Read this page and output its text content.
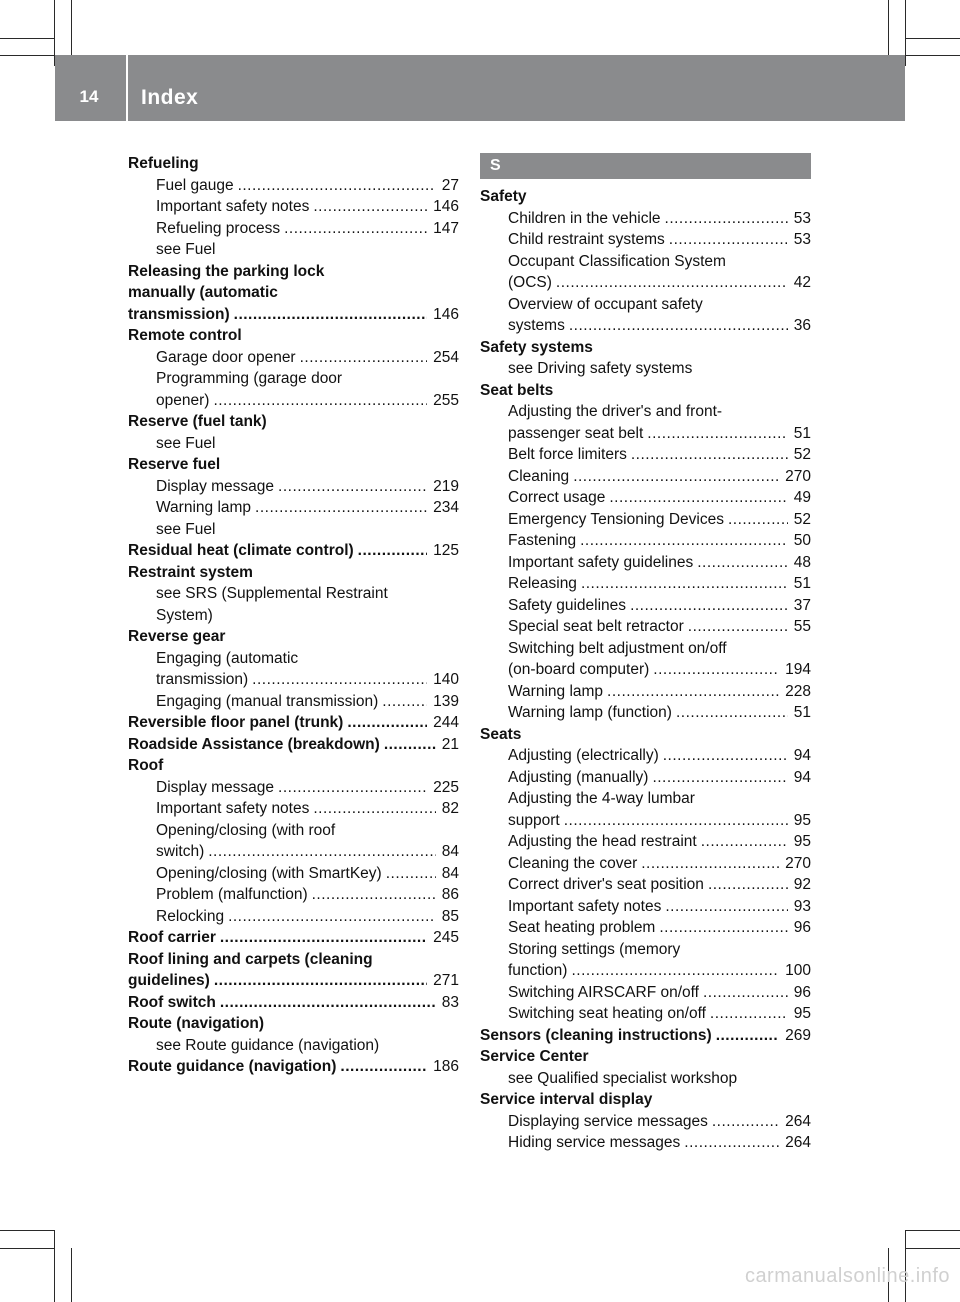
14	Index
Refueling
Fuel gauge .....	27
Important safety notes .....	146
Refueling process .....	147
see Fuel
Releasing the parking lock
manually (automatic
transmission) .....	146
Remote control
Garage door opener .....	254
Programming (garage door
opener) .....	255
Reserve (fuel tank)
see Fuel
Reserve fuel
Display message .....	219
Warning lamp .....	234
see Fuel
Residual heat (climate control) .....	125
Restraint system
see SRS (Supplemental Restraint
System)
Reverse gear
Engaging (automatic
transmission) .....	140
Engaging (manual transmission) .....	139
Reversible floor panel (trunk) .....	244
Roadside Assistance (breakdown) .....	21
Roof
Display message .....	225
Important safety notes .....	82
Opening/closing (with roof
switch) .....	84
Opening/closing (with SmartKey) .....	84
Problem (malfunction) .....	86
Relocking .....	85
Roof carrier .....	245
Roof lining and carpets (cleaning
guidelines) .....	271
Roof switch .....	83
Route (navigation)
see Route guidance (navigation)
Route guidance (navigation) .....	186
S
Safety
Children in the vehicle .....	53
Child restraint systems .....	53
Occupant Classification System
(OCS) .....	42
Overview of occupant safety
systems .....	36
Safety systems
see Driving safety systems
Seat belts
Adjusting the driver's and front-
passenger seat belt .....	51
Belt force limiters .....	52
Cleaning .....	270
Correct usage .....	49
Emergency Tensioning Devices .....	52
Fastening .....	50
Important safety guidelines .....	48
Releasing .....	51
Safety guidelines .....	37
Special seat belt retractor .....	55
Switching belt adjustment on/off
(on-board computer) .....	194
Warning lamp .....	228
Warning lamp (function) .....	51
Seats
Adjusting (electrically) .....	94
Adjusting (manually) .....	94
Adjusting the 4-way lumbar
support .....	95
Adjusting the head restraint .....	95
Cleaning the cover .....	270
Correct driver's seat position .....	92
Important safety notes .....	93
Seat heating problem .....	96
Storing settings (memory
function) .....	100
Switching AIRSCARF on/off .....	96
Switching seat heating on/off .....	95
Sensors (cleaning instructions) .....	269
Service Center
see Qualified specialist workshop
Service interval display
Displaying service messages .....	264
Hiding service messages .....	264
carmanualsonline.info
